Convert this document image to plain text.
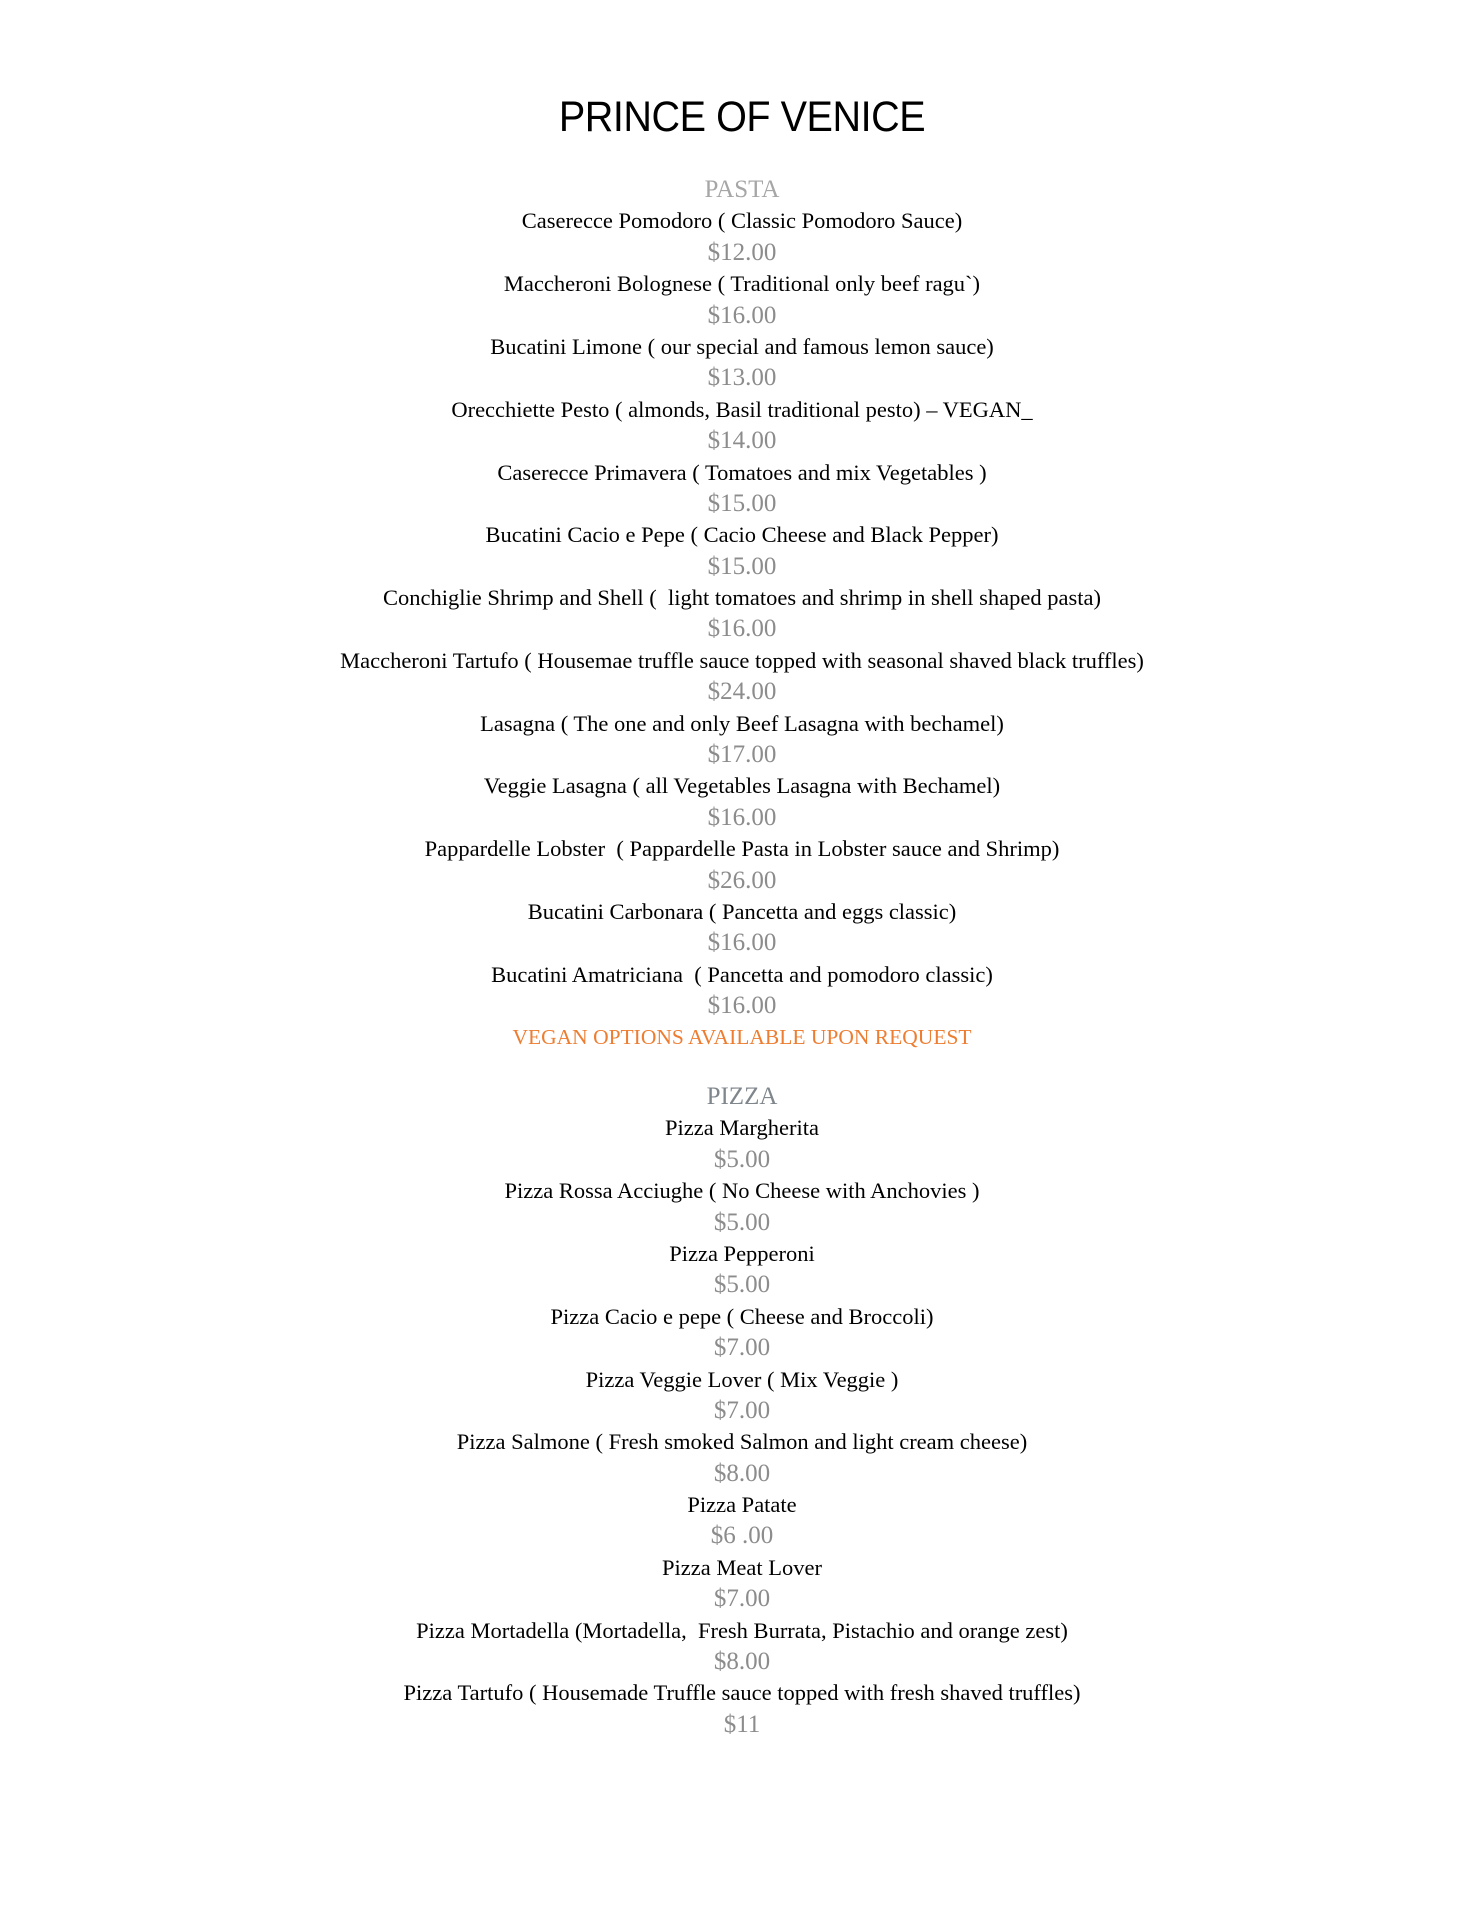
PRINCE OF VENICE
PASTA
Caserecce Pomodoro ( Classic Pomodoro Sauce)
$12.00
Maccheroni Bolognese ( Traditional only beef ragu`)
$16.00
Bucatini Limone ( our special and famous lemon sauce)
$13.00
Orecchiette Pesto ( almonds, Basil traditional pesto) – VEGAN_
$14.00
Caserecce Primavera ( Tomatoes and mix Vegetables )
$15.00
Bucatini Cacio e Pepe ( Cacio Cheese and Black Pepper)
$15.00
Conchiglie Shrimp and Shell (  light tomatoes and shrimp in shell shaped pasta)
$16.00
Maccheroni Tartufo ( Housemae truffle sauce topped with seasonal shaved black truffles)
$24.00
Lasagna ( The one and only Beef Lasagna with bechamel)
$17.00
Veggie Lasagna ( all Vegetables Lasagna with Bechamel)
$16.00
Pappardelle Lobster  ( Pappardelle Pasta in Lobster sauce and Shrimp)
$26.00
Bucatini Carbonara ( Pancetta and eggs classic)
$16.00
Bucatini Amatriciana  ( Pancetta and pomodoro classic)
$16.00
VEGAN OPTIONS AVAILABLE UPON REQUEST
PIZZA
Pizza Margherita
$5.00
Pizza Rossa Acciughe ( No Cheese with Anchovies )
$5.00
Pizza Pepperoni
$5.00
Pizza Cacio e pepe ( Cheese and Broccoli)
$7.00
Pizza Veggie Lover ( Mix Veggie )
$7.00
Pizza Salmone ( Fresh smoked Salmon and light cream cheese)
$8.00
Pizza Patate
$6 .00
Pizza Meat Lover
$7.00
Pizza Mortadella (Mortadella,  Fresh Burrata, Pistachio and orange zest)
$8.00
Pizza Tartufo ( Housemade Truffle sauce topped with fresh shaved truffles)
$11
